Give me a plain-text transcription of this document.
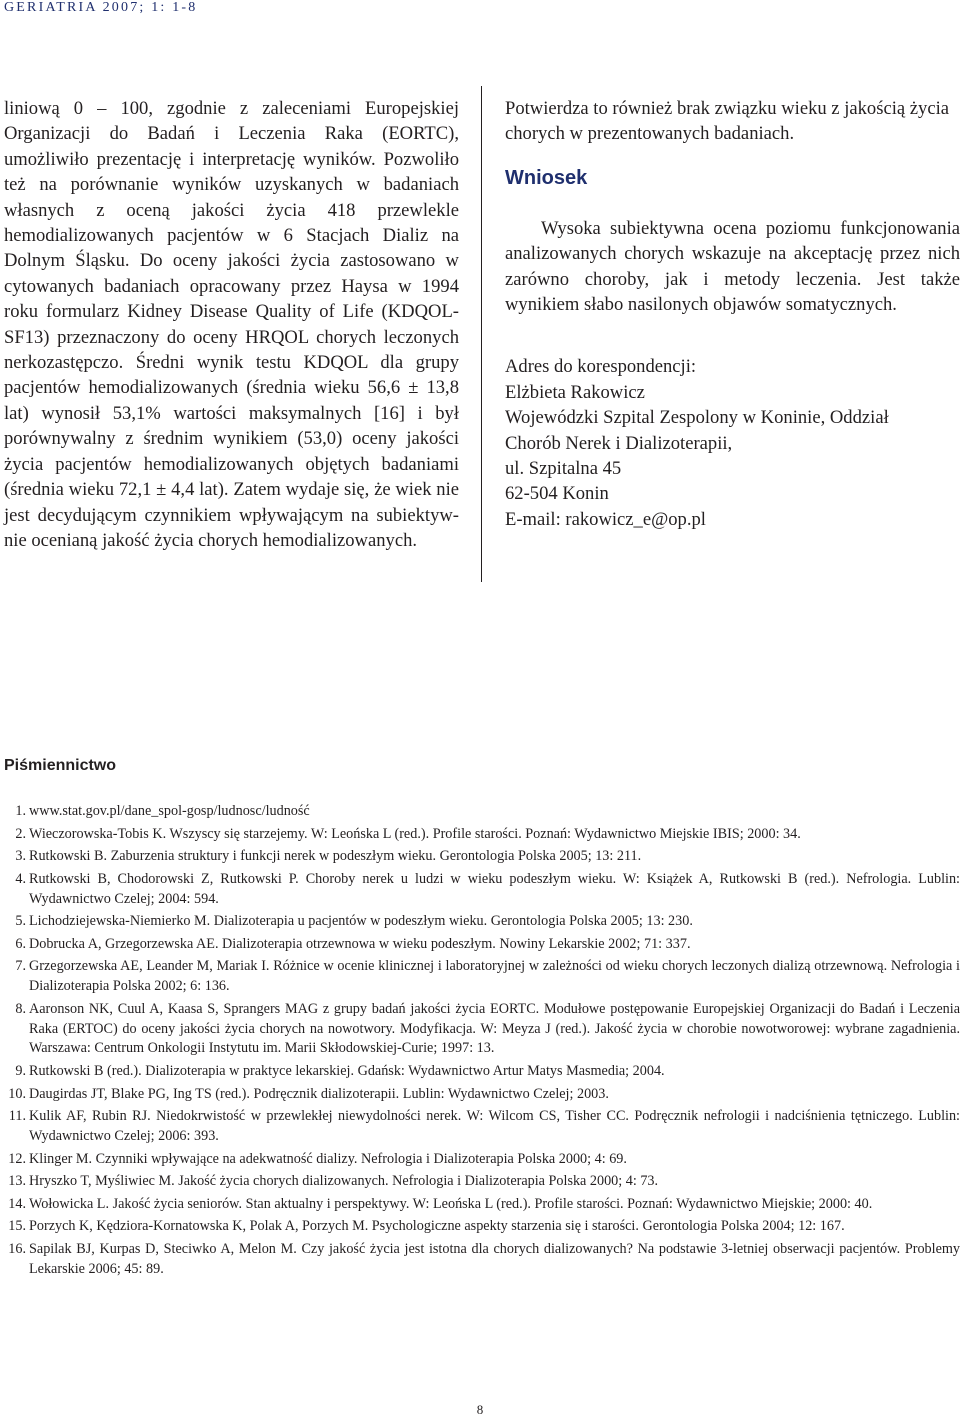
GERIATRIA 2007; 1: 1-8

liniową 0 – 100, zgodnie z zaleceniami Europejskiej Organizacji do Badań i Leczenia Raka (EORTC), umożliwiło prezentację i interpretację wyników. Pozwoliło też na porównanie wyników uzyskanych w badaniach własnych z oceną jakości życia 418 przewlekle hemodializowanych pacjentów w 6 Stacjach Dializ na Dolnym Śląsku. Do oceny jakości życia zastosowano w cytowanych badaniach opracowany przez Haysa w 1994 roku formularz Kidney Disease Quality of Life (KDQOL-SF13) przeznaczony do oceny HRQOL chorych leczonych nerkozastępczo. Średni wynik testu KDQOL dla grupy pacjentów hemodializowanych (średnia wieku 56,6 ± 13,8 lat) wynosił 53,1% wartości maksymalnych [16] i był porównywalny z średnim wynikiem (53,0) oceny jakości życia pacjentów hemodializowanych objętych badaniami (średnia wieku 72,1 ± 4,4 lat). Zatem wydaje się, że wiek nie jest decydującym czynnikiem wpływającym na subiektywnie ocenianą jakość życia chorych hemodializowanych.

Potwierdza to również brak związku wieku z jakością życia chorych w prezentowanych badaniach.

Wniosek

Wysoka subiektywna ocena poziomu funkcjonowania analizowanych chorych wskazuje na akceptację przez nich zarówno choroby, jak i metody leczenia. Jest także wynikiem słabo nasilonych objawów somatycznych.

Adres do korespondencji:
Elżbieta Rakowicz
Wojewódzki Szpital Zespolony w Koninie, Oddział
Chorób Nerek i Dializoterapii,
ul. Szpitalna 45
62-504 Konin
E-mail: rakowicz_e@op.pl
Piśmiennictwo
1. www.stat.gov.pl/dane_spol-gosp/ludnosc/ludność
2. Wieczorowska-Tobis K. Wszyscy się starzejemy. W: Leońska L (red.). Profile starości. Poznań: Wydawnictwo Miejskie IBIS; 2000: 34.
3. Rutkowski B. Zaburzenia struktury i funkcji nerek w podeszłym wieku. Gerontologia Polska 2005; 13: 211.
4. Rutkowski B, Chodorowski Z, Rutkowski P. Choroby nerek u ludzi w wieku podeszłym wieku. W: Książek A, Rutkowski B (red.). Nefrologia. Lublin: Wydawnictwo Czelej; 2004: 594.
5. Lichodziejewska-Niemierko M. Dializoterapia u pacjentów w podeszłym wieku. Gerontologia Polska 2005; 13: 230.
6. Dobrucka A, Grzegorzewska AE. Dializoterapia otrzewnowa w wieku podeszłym. Nowiny Lekarskie 2002; 71: 337.
7. Grzegorzewska AE, Leander M, Mariak I. Różnice w ocenie klinicznej i laboratoryjnej w zależności od wieku chorych leczonych dializą otrzewnową. Nefrologia i Dializoterapia Polska 2002; 6: 136.
8. Aaronson NK, Cuul A, Kaasa S, Sprangers MAG z grupy badań jakości życia EORTC. Modułowe postępowanie Europejskiej Organizacji do Badań i Leczenia Raka (ERTOC) do oceny jakości życia chorych na nowotwory. Modyfikacja. W: Meyza J (red.). Jakość życia w chorobie nowotworowej: wybrane zagadnienia. Warszawa: Centrum Onkologii Instytutu im. Marii Skłodowskiej-Curie; 1997: 13.
9. Rutkowski B (red.). Dializoterapia w praktyce lekarskiej. Gdańsk: Wydawnictwo Artur Matys Masmedia; 2004.
10. Daugirdas JT, Blake PG, Ing TS (red.). Podręcznik dializoterapii. Lublin: Wydawnictwo Czelej; 2003.
11. Kulik AF, Rubin RJ. Niedokrwistość w przewlekłej niewydolności nerek. W: Wilcom CS, Tisher CC. Podręcznik nefrologii i nadciśnienia tętniczego. Lublin: Wydawnictwo Czelej; 2006: 393.
12. Klinger M. Czynniki wpływające na adekwatność dializy. Nefrologia i Dializoterapia Polska 2000; 4: 69.
13. Hryszko T, Myśliwiec M. Jakość życia chorych dializowanych. Nefrologia i Dializoterapia Polska 2000; 4: 73.
14. Wołowicka L. Jakość życia seniorów. Stan aktualny i perspektywy. W: Leońska L (red.). Profile starości. Poznań: Wydawnictwo Miejskie; 2000: 40.
15. Porzych K, Kędziora-Kornatowska K, Polak A, Porzych M. Psychologiczne aspekty starzenia się i starości. Gerontologia Polska 2004; 12: 167.
16. Sapilak BJ, Kurpas D, Steciwko A, Melon M. Czy jakość życia jest istotna dla chorych dializowanych? Na podstawie 3-letniej obserwacji pacjentów. Problemy Lekarskie 2006; 45: 89.
8
